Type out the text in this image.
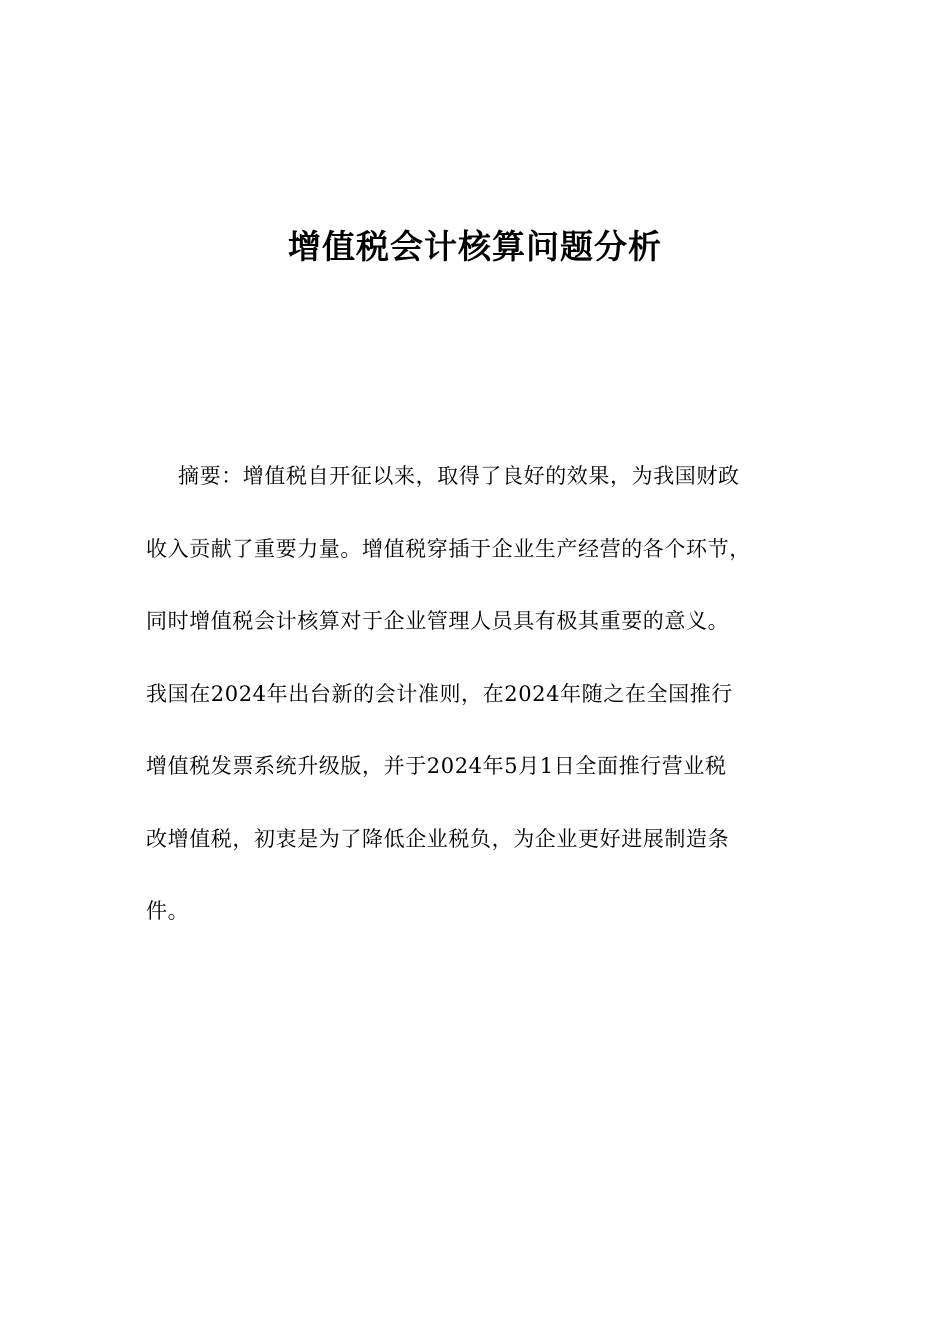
增值税会计核算问题分析
摘要：增值税自开征以来，取得了良好的效果，为我国财政
收入贡献了重要力量。增值税穿插于企业生产经营的各个环节，
同时增值税会计核算对于企业管理人员具有极其重要的意义。
我国在2024年出台新的会计准则，在2024年随之在全国推行
增值税发票系统升级版，并于2024年5月1日全面推行营业税
改增值税，初衷是为了降低企业税负，为企业更好进展制造条
件。
